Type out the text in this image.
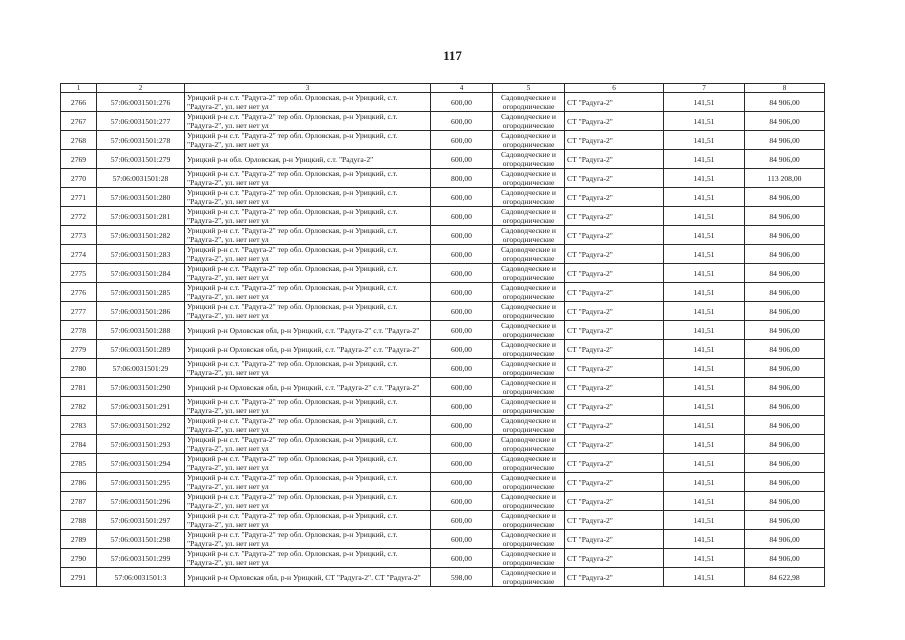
117
1	2	3	4	5	6	7	8
2766	57:06:0031501:276	Урицкий р-н с.т. "Радуга-2" тер обл. Орловская, р-н Урицкий, с.т. "Радуга-2", ул. нет нет ул	600,00	Садоводческие и огороднические	СТ "Радуга-2"	141,51	84 906,00
2767	57:06:0031501:277	Урицкий р-н с.т. "Радуга-2" тер обл. Орловская, р-н Урицкий, с.т. "Радуга-2", ул. нет нет ул	600,00	Садоводческие и огороднические	СТ "Радуга-2"	141,51	84 906,00
2768	57:06:0031501:278	Урицкий р-н с.т. "Радуга-2" тер обл. Орловская, р-н Урицкий, с.т. "Радуга-2", ул. нет нет ул	600,00	Садоводческие и огороднические	СТ "Радуга-2"	141,51	84 906,00
2769	57:06:0031501:279	Урицкий р-н обл. Орловская, р-н Урицкий, с.т. "Радуга-2"	600,00	Садоводческие и огороднические	СТ "Радуга-2"	141,51	84 906,00
2770	57:06:0031501:28	Урицкий р-н с.т. "Радуга-2" тер обл. Орловская, р-н Урицкий, с.т. "Радуга-2", ул. нет нет ул	800,00	Садоводческие и огороднические	СТ "Радуга-2"	141,51	113 208,00
2771	57:06:0031501:280	Урицкий р-н с.т. "Радуга-2" тер обл. Орловская, р-н Урицкий, с.т. "Радуга-2", ул. нет нет ул	600,00	Садоводческие и огороднические	СТ "Радуга-2"	141,51	84 906,00
2772	57:06:0031501:281	Урицкий р-н с.т. "Радуга-2" тер обл. Орловская, р-н Урицкий, с.т. "Радуга-2", ул. нет нет ул	600,00	Садоводческие и огороднические	СТ "Радуга-2"	141,51	84 906,00
2773	57:06:0031501:282	Урицкий р-н с.т. "Радуга-2" тер обл. Орловская, р-н Урицкий, с.т. "Радуга-2", ул. нет нет ул	600,00	Садоводческие и огороднические	СТ "Радуга-2"	141,51	84 906,00
2774	57:06:0031501:283	Урицкий р-н с.т. "Радуга-2" тер обл. Орловская, р-н Урицкий, с.т. "Радуга-2", ул. нет нет ул	600,00	Садоводческие и огороднические	СТ "Радуга-2"	141,51	84 906,00
2775	57:06:0031501:284	Урицкий р-н с.т. "Радуга-2" тер обл. Орловская, р-н Урицкий, с.т. "Радуга-2", ул. нет нет ул	600,00	Садоводческие и огороднические	СТ "Радуга-2"	141,51	84 906,00
2776	57:06:0031501:285	Урицкий р-н с.т. "Радуга-2" тер обл. Орловская, р-н Урицкий, с.т. "Радуга-2", ул. нет нет ул	600,00	Садоводческие и огороднические	СТ "Радуга-2"	141,51	84 906,00
2777	57:06:0031501:286	Урицкий р-н с.т. "Радуга-2" тер обл. Орловская, р-н Урицкий, с.т. "Радуга-2", ул. нет нет ул	600,00	Садоводческие и огороднические	СТ "Радуга-2"	141,51	84 906,00
2778	57:06:0031501:288	Урицкий р-н Орловская обл, р-н Урицкий, с.т. "Радуга-2" с.т. "Радуга-2"	600,00	Садоводческие и огороднические	СТ "Радуга-2"	141,51	84 906,00
2779	57:06:0031501:289	Урицкий р-н Орловская обл, р-н Урицкий, с.т. "Радуга-2" с.т. "Радуга-2"	600,00	Садоводческие и огороднические	СТ "Радуга-2"	141,51	84 906,00
2780	57:06:0031501:29	Урицкий р-н с.т. "Радуга-2" тер обл. Орловская, р-н Урицкий, с.т. "Радуга-2", ул. нет нет ул	600,00	Садоводческие и огороднические	СТ "Радуга-2"	141,51	84 906,00
2781	57:06:0031501:290	Урицкий р-н Орловская обл, р-н Урицкий, с.т. "Радуга-2" с.т. "Радуга-2"	600,00	Садоводческие и огороднические	СТ "Радуга-2"	141,51	84 906,00
2782	57:06:0031501:291	Урицкий р-н с.т. "Радуга-2" тер обл. Орловская, р-н Урицкий, с.т. "Радуга-2", ул. нет нет ул	600,00	Садоводческие и огороднические	СТ "Радуга-2"	141,51	84 906,00
2783	57:06:0031501:292	Урицкий р-н с.т. "Радуга-2" тер обл. Орловская, р-н Урицкий, с.т. "Радуга-2", ул. нет нет ул	600,00	Садоводческие и огороднические	СТ "Радуга-2"	141,51	84 906,00
2784	57:06:0031501:293	Урицкий р-н с.т. "Радуга-2" тер обл. Орловская, р-н Урицкий, с.т. "Радуга-2", ул. нет нет ул	600,00	Садоводческие и огороднические	СТ "Радуга-2"	141,51	84 906,00
2785	57:06:0031501:294	Урицкий р-н с.т. "Радуга-2" тер обл. Орловская, р-н Урицкий, с.т. "Радуга-2", ул. нет нет ул	600,00	Садоводческие и огороднические	СТ "Радуга-2"	141,51	84 906,00
2786	57:06:0031501:295	Урицкий р-н с.т. "Радуга-2" тер обл. Орловская, р-н Урицкий, с.т. "Радуга-2", ул. нет нет ул	600,00	Садоводческие и огороднические	СТ "Радуга-2"	141,51	84 906,00
2787	57:06:0031501:296	Урицкий р-н с.т. "Радуга-2" тер обл. Орловская, р-н Урицкий, с.т. "Радуга-2", ул. нет нет ул	600,00	Садоводческие и огороднические	СТ "Радуга-2"	141,51	84 906,00
2788	57:06:0031501:297	Урицкий р-н с.т. "Радуга-2" тер обл. Орловская, р-н Урицкий, с.т. "Радуга-2", ул. нет нет ул	600,00	Садоводческие и огороднические	СТ "Радуга-2"	141,51	84 906,00
2789	57:06:0031501:298	Урицкий р-н с.т. "Радуга-2" тер обл. Орловская, р-н Урицкий, с.т. "Радуга-2", ул. нет нет ул	600,00	Садоводческие и огороднические	СТ "Радуга-2"	141,51	84 906,00
2790	57:06:0031501:299	Урицкий р-н с.т. "Радуга-2" тер обл. Орловская, р-н Урицкий, с.т. "Радуга-2", ул. нет нет ул	600,00	Садоводческие и огороднические	СТ "Радуга-2"	141,51	84 906,00
2791	57:06:0031501:3	Урицкий р-н Орловская обл, р-н Урицкий, СТ "Радуга-2". СТ "Радуга-2"	598,00	Садоводческие и огороднические	СТ "Радуга-2"	141,51	84 622,98
